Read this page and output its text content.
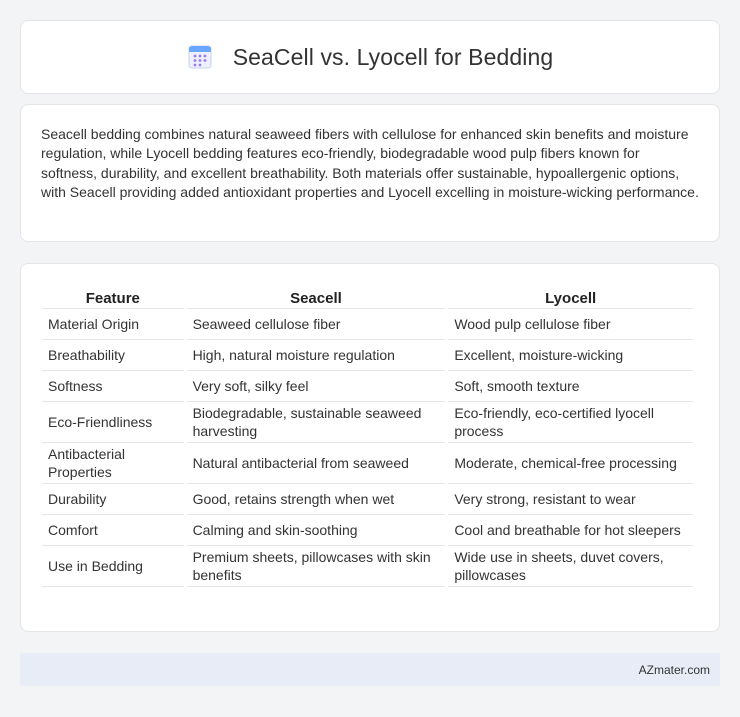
SeaCell vs. Lyocell for Bedding

Seacell bedding combines natural seaweed fibers with cellulose for enhanced skin benefits and moisture regulation, while Lyocell bedding features eco-friendly, biodegradable wood pulp fibers known for softness, durability, and excellent breathability. Both materials offer sustainable, hypoallergenic options, with Seacell providing added antioxidant properties and Lyocell excelling in moisture-wicking performance.

Feature	Seacell	Lyocell
Material Origin	Seaweed cellulose fiber	Wood pulp cellulose fiber
Breathability	High, natural moisture regulation	Excellent, moisture-wicking
Softness	Very soft, silky feel	Soft, smooth texture
Eco-Friendliness	Biodegradable, sustainable seaweed harvesting	Eco-friendly, eco-certified lyocell process
Antibacterial Properties	Natural antibacterial from seaweed	Moderate, chemical-free processing
Durability	Good, retains strength when wet	Very strong, resistant to wear
Comfort	Calming and skin-soothing	Cool and breathable for hot sleepers
Use in Bedding	Premium sheets, pillowcases with skin benefits	Wide use in sheets, duvet covers, pillowcases
AZmater.com
